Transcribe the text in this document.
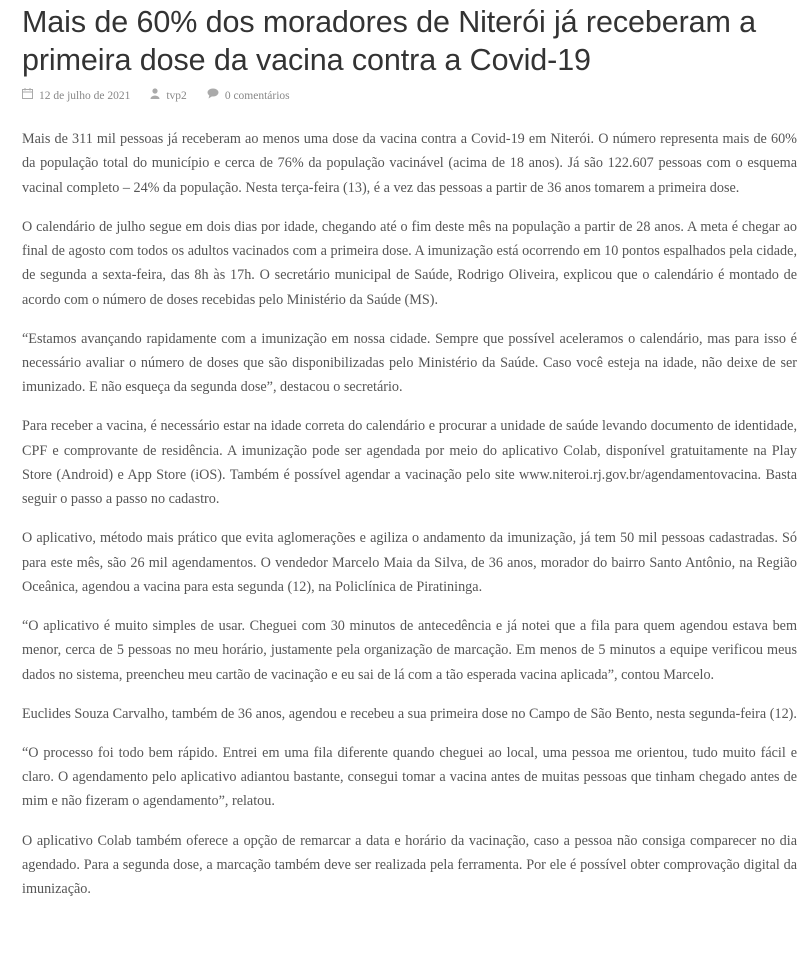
Mais de 60% dos moradores de Niterói já receberam a primeira dose da vacina contra a Covid-19
12 de julho de 2021	tvp2	0 comentários

Mais de 311 mil pessoas já receberam ao menos uma dose da vacina contra a Covid-19 em Niterói. O número representa mais de 60% da população total do município e cerca de 76% da população vacinável (acima de 18 anos). Já são 122.607 pessoas com o esquema vacinal completo – 24% da população. Nesta terça-feira (13), é a vez das pessoas a partir de 36 anos tomarem a primeira dose.

O calendário de julho segue em dois dias por idade, chegando até o fim deste mês na população a partir de 28 anos. A meta é chegar ao final de agosto com todos os adultos vacinados com a primeira dose. A imunização está ocorrendo em 10 pontos espalhados pela cidade, de segunda a sexta-feira, das 8h às 17h. O secretário municipal de Saúde, Rodrigo Oliveira, explicou que o calendário é montado de acordo com o número de doses recebidas pelo Ministério da Saúde (MS).

“Estamos avançando rapidamente com a imunização em nossa cidade. Sempre que possível aceleramos o calendário, mas para isso é necessário avaliar o número de doses que são disponibilizadas pelo Ministério da Saúde. Caso você esteja na idade, não deixe de ser imunizado. E não esqueça da segunda dose”, destacou o secretário.

Para receber a vacina, é necessário estar na idade correta do calendário e procurar a unidade de saúde levando documento de identidade, CPF e comprovante de residência. A imunização pode ser agendada por meio do aplicativo Colab, disponível gratuitamente na Play Store (Android) e App Store (iOS). Também é possível agendar a vacinação pelo site www.niteroi.rj.gov.br/agendamentovacina. Basta seguir o passo a passo no cadastro.

O aplicativo, método mais prático que evita aglomerações e agiliza o andamento da imunização, já tem 50 mil pessoas cadastradas. Só para este mês, são 26 mil agendamentos. O vendedor Marcelo Maia da Silva, de 36 anos, morador do bairro Santo Antônio, na Região Oceânica, agendou a vacina para esta segunda (12), na Policlínica de Piratininga.

“O aplicativo é muito simples de usar. Cheguei com 30 minutos de antecedência e já notei que a fila para quem agendou estava bem menor, cerca de 5 pessoas no meu horário, justamente pela organização de marcação. Em menos de 5 minutos a equipe verificou meus dados no sistema, preencheu meu cartão de vacinação e eu sai de lá com a tão esperada vacina aplicada”, contou Marcelo.

Euclides Souza Carvalho, também de 36 anos, agendou e recebeu a sua primeira dose no Campo de São Bento, nesta segunda-feira (12).

“O processo foi todo bem rápido. Entrei em uma fila diferente quando cheguei ao local, uma pessoa me orientou, tudo muito fácil e claro. O agendamento pelo aplicativo adiantou bastante, consegui tomar a vacina antes de muitas pessoas que tinham chegado antes de mim e não fizeram o agendamento”, relatou.

O aplicativo Colab também oferece a opção de remarcar a data e horário da vacinação, caso a pessoa não consiga comparecer no dia agendado. Para a segunda dose, a marcação também deve ser realizada pela ferramenta. Por ele é possível obter comprovação digital da imunização.
